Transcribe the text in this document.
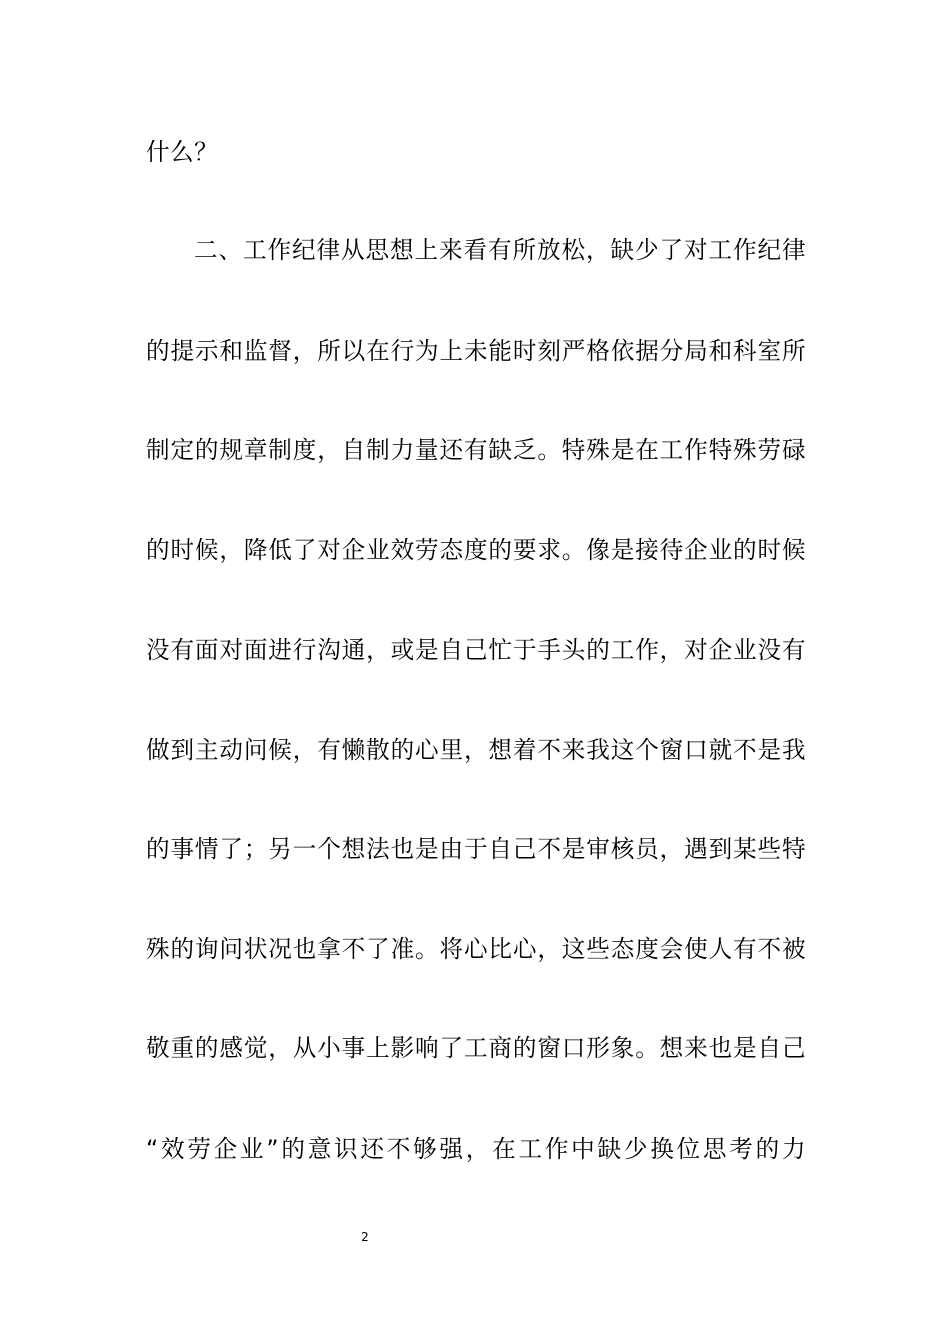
什么？
二、工作纪律从思想上来看有所放松，缺少了对工作纪律
的提示和监督，所以在行为上未能时刻严格依据分局和科室所
制定的规章制度，自制力量还有缺乏。特殊是在工作特殊劳碌
的时候，降低了对企业效劳态度的要求。像是接待企业的时候
没有面对面进行沟通，或是自己忙于手头的工作，对企业没有
做到主动问候，有懒散的心里，想着不来我这个窗口就不是我
的事情了；另一个想法也是由于自己不是审核员，遇到某些特
殊的询问状况也拿不了准。将心比心，这些态度会使人有不被
敬重的感觉，从小事上影响了工商的窗口形象。想来也是自己
“效劳企业”的意识还不够强，在工作中缺少换位思考的力
2
